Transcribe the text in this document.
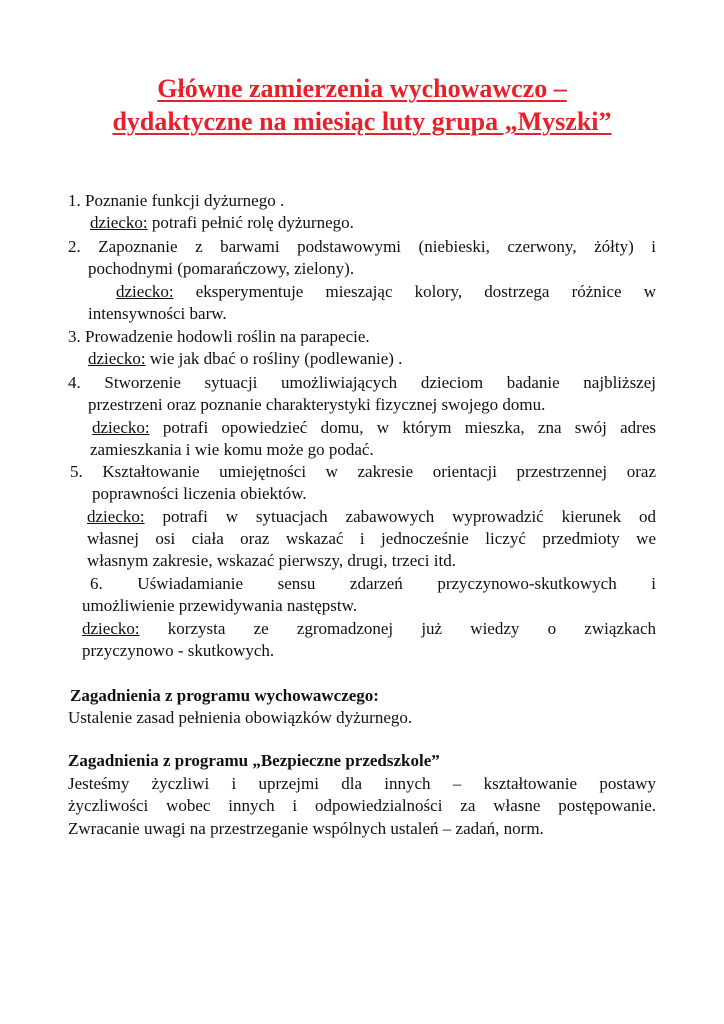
Główne zamierzenia wychowawczo –
dydaktyczne na miesiąc luty grupa „Myszki”
1. Poznanie funkcji dyżurnego .
dziecko: potrafi pełnić rolę dyżurnego.
2. Zapoznanie z barwami podstawowymi (niebieski, czerwony, żółty) i
pochodnymi (pomarańczowy, zielony).
dziecko: eksperymentuje mieszając kolory, dostrzega różnice w
intensywności barw.
3. Prowadzenie hodowli roślin na parapecie.
dziecko: wie jak dbać o rośliny (podlewanie) .
4. Stworzenie sytuacji umożliwiających dzieciom badanie najbliższej
przestrzeni oraz poznanie charakterystyki fizycznej swojego domu.
dziecko: potrafi opowiedzieć domu, w którym mieszka, zna swój adres
zamieszkania i wie komu może go podać.
5. Kształtowanie umiejętności w zakresie orientacji przestrzennej oraz
poprawności liczenia obiektów.
dziecko: potrafi w sytuacjach zabawowych wyprowadzić kierunek od
własnej osi ciała oraz wskazać i jednocześnie liczyć przedmioty we
własnym zakresie, wskazać pierwszy, drugi, trzeci itd.
6. Uświadamianie sensu zdarzeń przyczynowo-skutkowych i
umożliwienie przewidywania następstw.
dziecko: korzysta ze zgromadzonej już wiedzy o związkach
przyczynowo - skutkowych.
Zagadnienia z programu wychowawczego:
Ustalenie zasad pełnienia obowiązków dyżurnego.
Zagadnienia z programu „Bezpieczne przedszkole”
Jesteśmy życzliwi i uprzejmi dla innych – kształtowanie postawy
życzliwości wobec innych i odpowiedzialności za własne postępowanie.
Zwracanie uwagi na przestrzeganie wspólnych ustaleń – zadań, norm.
